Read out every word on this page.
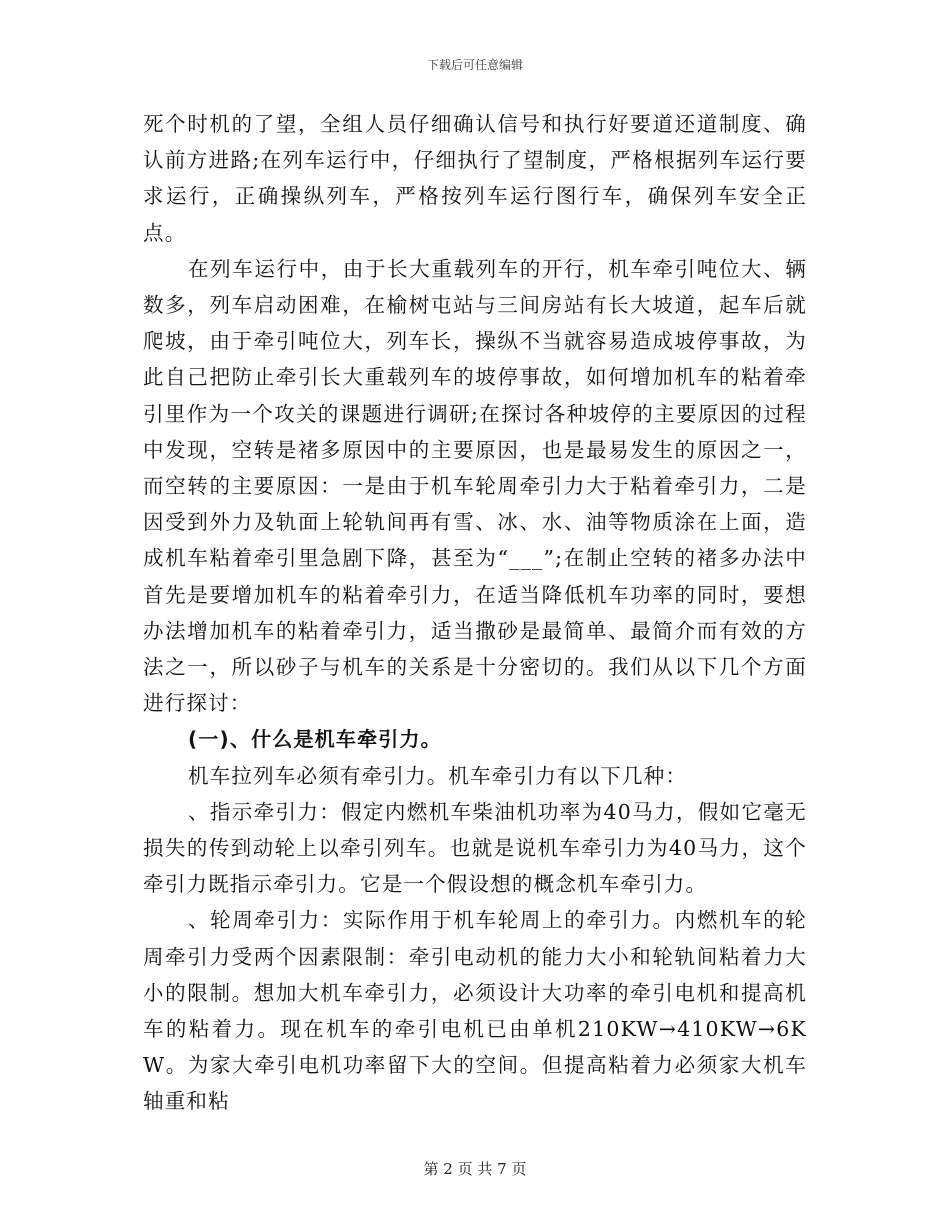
下载后可任意编辑

死个时机的了望，全组人员仔细确认信号和执行好要道还道制度、确认前方进路;在列车运行中，仔细执行了望制度，严格根据列车运行要求运行，正确操纵列车，严格按列车运行图行车，确保列车安全正点。

在列车运行中，由于长大重载列车的开行，机车牵引吨位大、辆数多，列车启动困难，在榆树屯站与三间房站有长大坡道，起车后就爬坡，由于牵引吨位大，列车长，操纵不当就容易造成坡停事故，为此自己把防止牵引长大重载列车的坡停事故，如何增加机车的粘着牵引里作为一个攻关的课题进行调研;在探讨各种坡停的主要原因的过程中发现，空转是褚多原因中的主要原因，也是最易发生的原因之一，而空转的主要原因：一是由于机车轮周牵引力大于粘着牵引力，二是因受到外力及轨面上轮轨间再有雪、冰、水、油等物质涂在上面，造成机车粘着牵引里急剧下降，甚至为“___”;在制止空转的褚多办法中首先是要增加机车的粘着牵引力，在适当降低机车功率的同时，要想办法增加机车的粘着牵引力，适当撒砂是最简单、最简介而有效的方法之一，所以砂子与机车的关系是十分密切的。我们从以下几个方面进行探讨：

(一)、什么是机车牵引力。

机车拉列车必须有牵引力。机车牵引力有以下几种：

、指示牵引力：假定内燃机车柴油机功率为40马力，假如它毫无损失的传到动轮上以牵引列车。也就是说机车牵引力为40马力，这个牵引力既指示牵引力。它是一个假设想的概念机车牵引力。

、轮周牵引力：实际作用于机车轮周上的牵引力。内燃机车的轮周牵引力受两个因素限制：牵引电动机的能力大小和轮轨间粘着力大小的限制。想加大机车牵引力，必须设计大功率的牵引电机和提高机车的粘着力。现在机车的牵引电机已由单机210KW→410KW→6KW。为家大牵引电机功率留下大的空间。但提高粘着力必须家大机车轴重和粘

第 2 页 共 7 页
